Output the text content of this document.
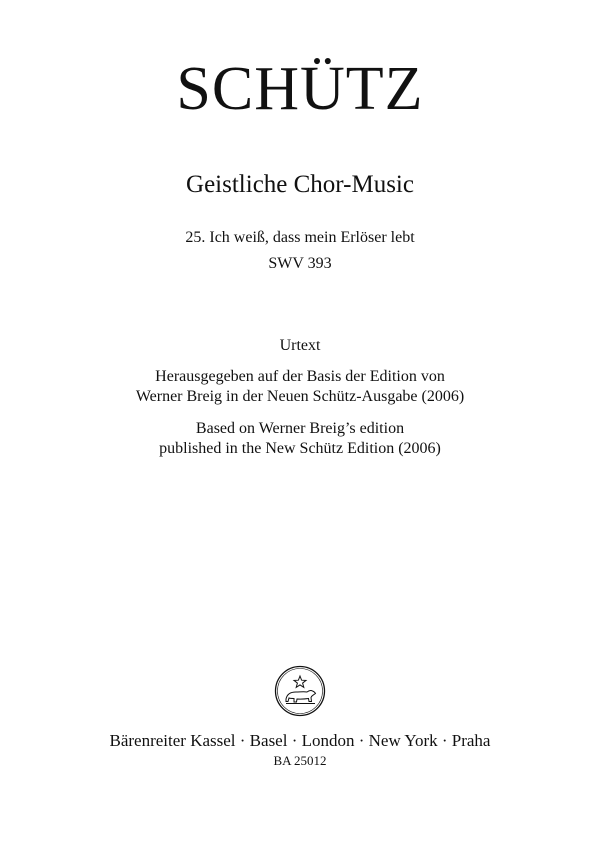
SCHÜTZ
Geistliche Chor-Music
25. Ich weiß, dass mein Erlöser lebt
SWV 393
Urtext
Herausgegeben auf der Basis der Edition von
Werner Breig in der Neuen Schütz-Ausgabe (2006)
Based on Werner Breig’s edition
published in the New Schütz Edition (2006)
Bärenreiter Kassel · Basel · London · New York · Praha
BA 25012
